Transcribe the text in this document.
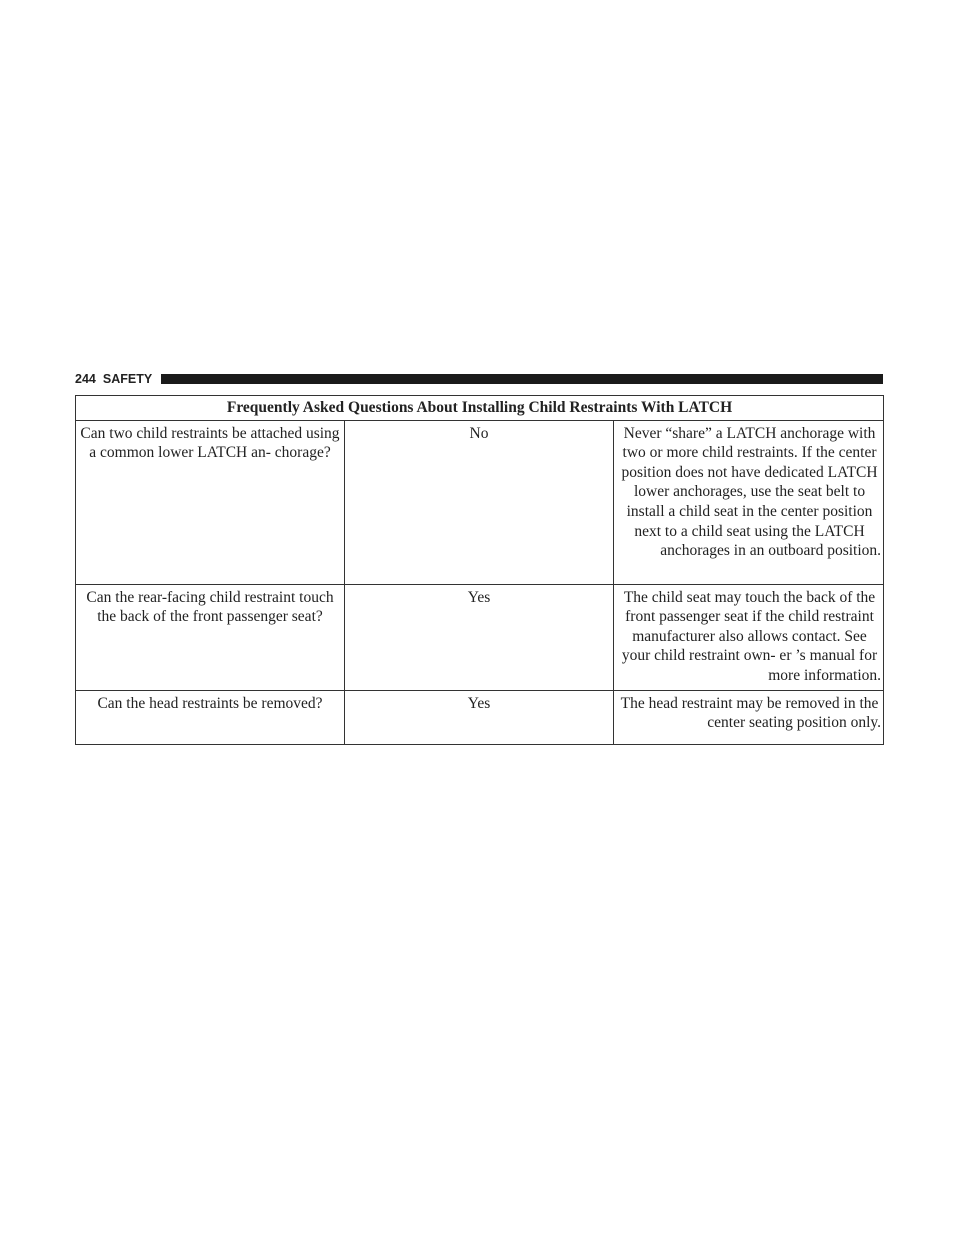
244 SAFETY
Frequently Asked Questions About Installing Child Restraints With LATCH		
Can two child restraints be attached using a common lower LATCH an- chorage?	No	Never “share” a LATCH anchorage with two or more child restraints. If the center position does not have dedicated LATCH lower anchorages, use the seat belt to install a child seat in the center position next to a child seat using the LATCH anchorages in an outboard position.
Can the rear-facing child restraint touch the back of the front passenger seat?	Yes	The child seat may touch the back of the front passenger seat if the child restraint manufacturer also allows contact. See your child restraint own- er ’s manual for more information.
Can the head restraints be removed?	Yes	The head restraint may be removed in the center seating position only.
